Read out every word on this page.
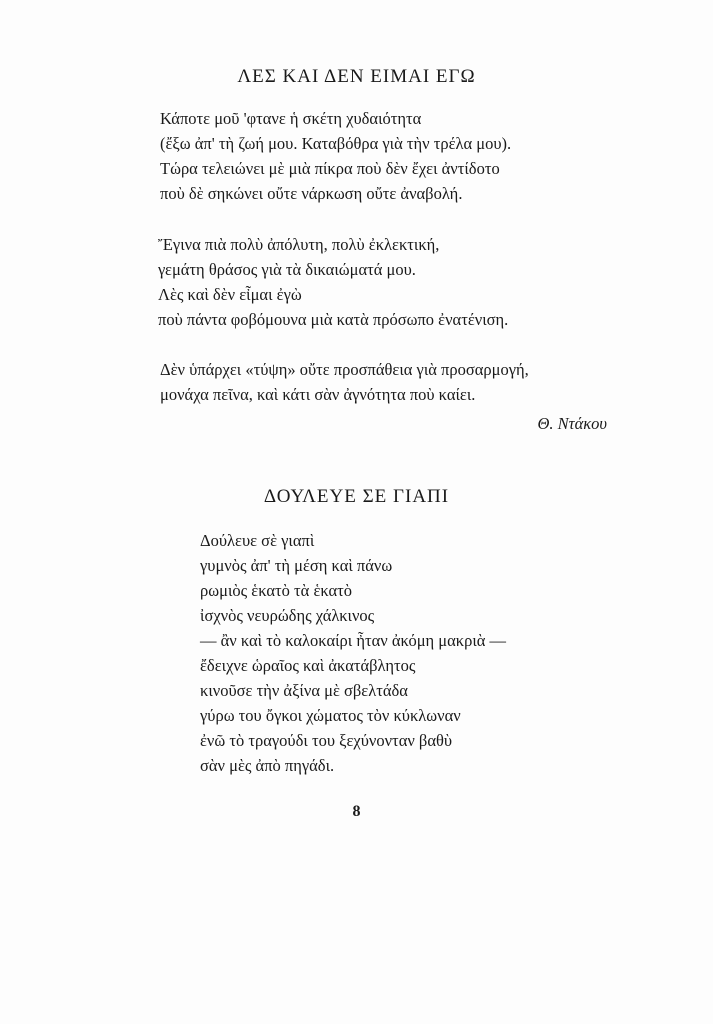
ΛΕΣ ΚΑΙ ΔΕΝ ΕΙΜΑΙ ΕΓΩ
Κάποτε μοῦ 'φτανε ἡ σκέτη χυδαιότητα
(ἔξω ἀπ' τὴ ζωή μου. Καταβόθρα γιὰ τὴν τρέλα μου).
Τώρα τελειώνει μὲ μιὰ πίκρα ποὺ δὲν ἔχει ἀντίδοτο
ποὺ δὲ σηκώνει οὔτε νάρκωση οὔτε ἀναβολή.
Ἔγινα πιὰ πολὺ ἀπόλυτη, πολὺ ἐκλεκτική,
γεμάτη θράσος γιὰ τὰ δικαιώματά μου.
Λὲς καὶ δὲν εἶμαι ἐγὼ
ποὺ πάντα φοβόμουνα μιὰ κατὰ πρόσωπο ἐνατένιση.
Δὲν ὑπάρχει «τύψη» οὔτε προσπάθεια γιὰ προσαρμογή,
μονάχα πεῖνα, καὶ κάτι σὰν ἀγνότητα ποὺ καίει.
Θ. Ντάκου
ΔΟΥΛΕΥΕ ΣΕ ΓΙΑΠΙ
Δούλευε σὲ γιαπὶ
γυμνὸς ἀπ' τὴ μέση καὶ πάνω
ρωμιὸς ἑκατὸ τὰ ἑκατὸ
ἰσχνὸς νευρώδης χάλκινος
— ἂν καὶ τὸ καλοκαίρι ἦταν ἀκόμη μακριὰ —
ἔδειχνε ὡραῖος καὶ ἀκατάβλητος
κινοῦσε τὴν ἀξίνα μὲ σβελτάδα
γύρω του ὄγκοι χώματος τὸν κύκλωναν
ἐνῶ τὸ τραγούδι του ξεχύνονταν βαθὺ
σὰν μὲς ἀπὸ πηγάδι.
8
